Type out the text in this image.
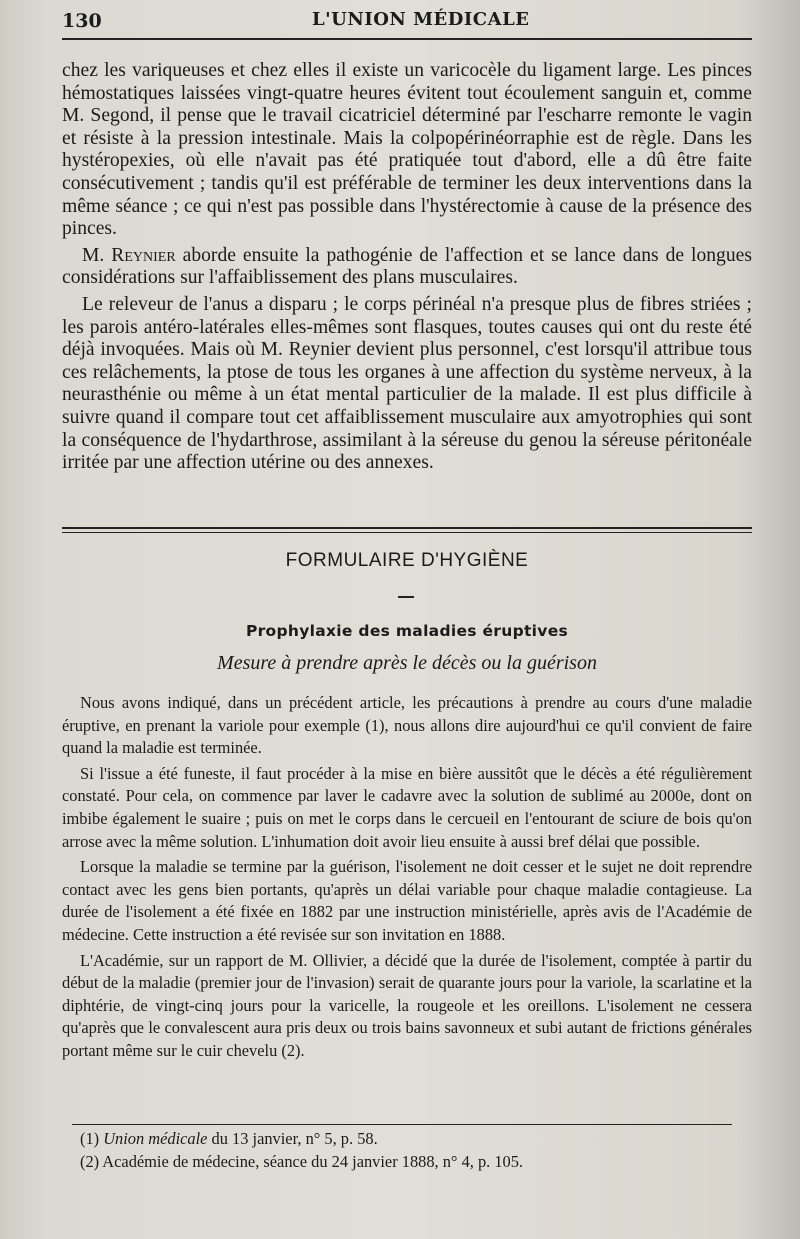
130	L'UNION MÉDICALE

chez les variqueuses et chez elles il existe un varicocèle du ligament large. Les pinces hémostatiques laissées vingt-quatre heures évitent tout écoulement sanguin et, comme M. Segond, il pense que le travail cicatriciel déterminé par l'escharre remonte le vagin et résiste à la pression intestinale. Mais la colpopérinéorraphie est de règle. Dans les hystéropexies, où elle n'avait pas été pratiquée tout d'abord, elle a dû être faite consécutivement ; tandis qu'il est préférable de terminer les deux interventions dans la même séance ; ce qui n'est pas possible dans l'hystérectomie à cause de la présence des pinces.

M. Reynier aborde ensuite la pathogénie de l'affection et se lance dans de longues considérations sur l'affaiblissement des plans musculaires.

Le releveur de l'anus a disparu ; le corps périnéal n'a presque plus de fibres striées ; les parois antéro-latérales elles-mêmes sont flasques, toutes causes qui ont du reste été déjà invoquées. Mais où M. Reynier devient plus personnel, c'est lorsqu'il attribue tous ces relâchements, la ptose de tous les organes à une affection du système nerveux, à la neurasthénie ou même à un état mental particulier de la malade. Il est plus difficile à suivre quand il compare tout cet affaiblissement musculaire aux amyotrophies qui sont la conséquence de l'hydarthrose, assimilant à la séreuse du genou la séreuse péritonéale irritée par une affection utérine ou des annexes.

FORMULAIRE D'HYGIÈNE
Prophylaxie des maladies éruptives
Mesure à prendre après le décès ou la guérison

Nous avons indiqué, dans un précédent article, les précautions à prendre au cours d'une maladie éruptive, en prenant la variole pour exemple (1), nous allons dire aujourd'hui ce qu'il convient de faire quand la maladie est terminée.

Si l'issue a été funeste, il faut procéder à la mise en bière aussitôt que le décès a été régulièrement constaté. Pour cela, on commence par laver le cadavre avec la solution de sublimé au 2000e, dont on imbibe également le suaire ; puis on met le corps dans le cercueil en l'entourant de sciure de bois qu'on arrose avec la même solution. L'inhumation doit avoir lieu ensuite à aussi bref délai que possible.

Lorsque la maladie se termine par la guérison, l'isolement ne doit cesser et le sujet ne doit reprendre contact avec les gens bien portants, qu'après un délai variable pour chaque maladie contagieuse. La durée de l'isolement a été fixée en 1882 par une instruction ministérielle, après avis de l'Académie de médecine. Cette instruction a été revisée sur son invitation en 1888.

L'Académie, sur un rapport de M. Ollivier, a décidé que la durée de l'isolement, comptée à partir du début de la maladie (premier jour de l'invasion) serait de quarante jours pour la variole, la scarlatine et la diphtérie, de vingt-cinq jours pour la varicelle, la rougeole et les oreillons. L'isolement ne cessera qu'après que le convalescent aura pris deux ou trois bains savonneux et subi autant de frictions générales portant même sur le cuir chevelu (2).

(1) Union médicale du 13 janvier, n° 5, p. 58.

(2) Académie de médecine, séance du 24 janvier 1888, n° 4, p. 105.
